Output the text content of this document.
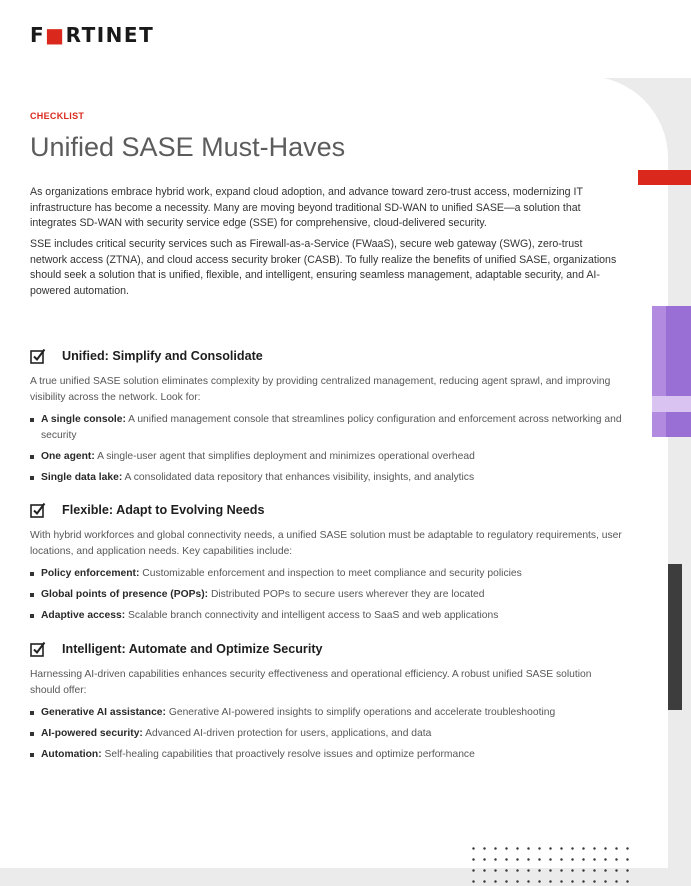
F■RTINET
CHECKLIST
Unified SASE Must-Haves

As organizations embrace hybrid work, expand cloud adoption, and advance toward zero-trust access, modernizing IT infrastructure has become a necessity. Many are moving beyond traditional SD-WAN to unified SASE—a solution that integrates SD-WAN with security service edge (SSE) for comprehensive, cloud-delivered security.

SSE includes critical security services such as Firewall-as-a-Service (FWaaS), secure web gateway (SWG), zero-trust network access (ZTNA), and cloud access security broker (CASB). To fully realize the benefits of unified SASE, organizations should seek a solution that is unified, flexible, and intelligent, ensuring seamless management, adaptable security, and AI-powered automation.

Unified: Simplify and Consolidate

A true unified SASE solution eliminates complexity by providing centralized management, reducing agent sprawl, and improving visibility across the network. Look for:

A single console: A unified management console that streamlines policy configuration and enforcement across networking and security
One agent: A single-user agent that simplifies deployment and minimizes operational overhead
Single data lake: A consolidated data repository that enhances visibility, insights, and analytics
Flexible: Adapt to Evolving Needs

With hybrid workforces and global connectivity needs, a unified SASE solution must be adaptable to regulatory requirements, user locations, and application needs. Key capabilities include:

Policy enforcement: Customizable enforcement and inspection to meet compliance and security policies
Global points of presence (POPs): Distributed POPs to secure users wherever they are located
Adaptive access: Scalable branch connectivity and intelligent access to SaaS and web applications
Intelligent: Automate and Optimize Security

Harnessing AI-driven capabilities enhances security effectiveness and operational efficiency. A robust unified SASE solution should offer:

Generative AI assistance: Generative AI-powered insights to simplify operations and accelerate troubleshooting
AI-powered security: Advanced AI-driven protection for users, applications, and data
Automation: Self-healing capabilities that proactively resolve issues and optimize performance
